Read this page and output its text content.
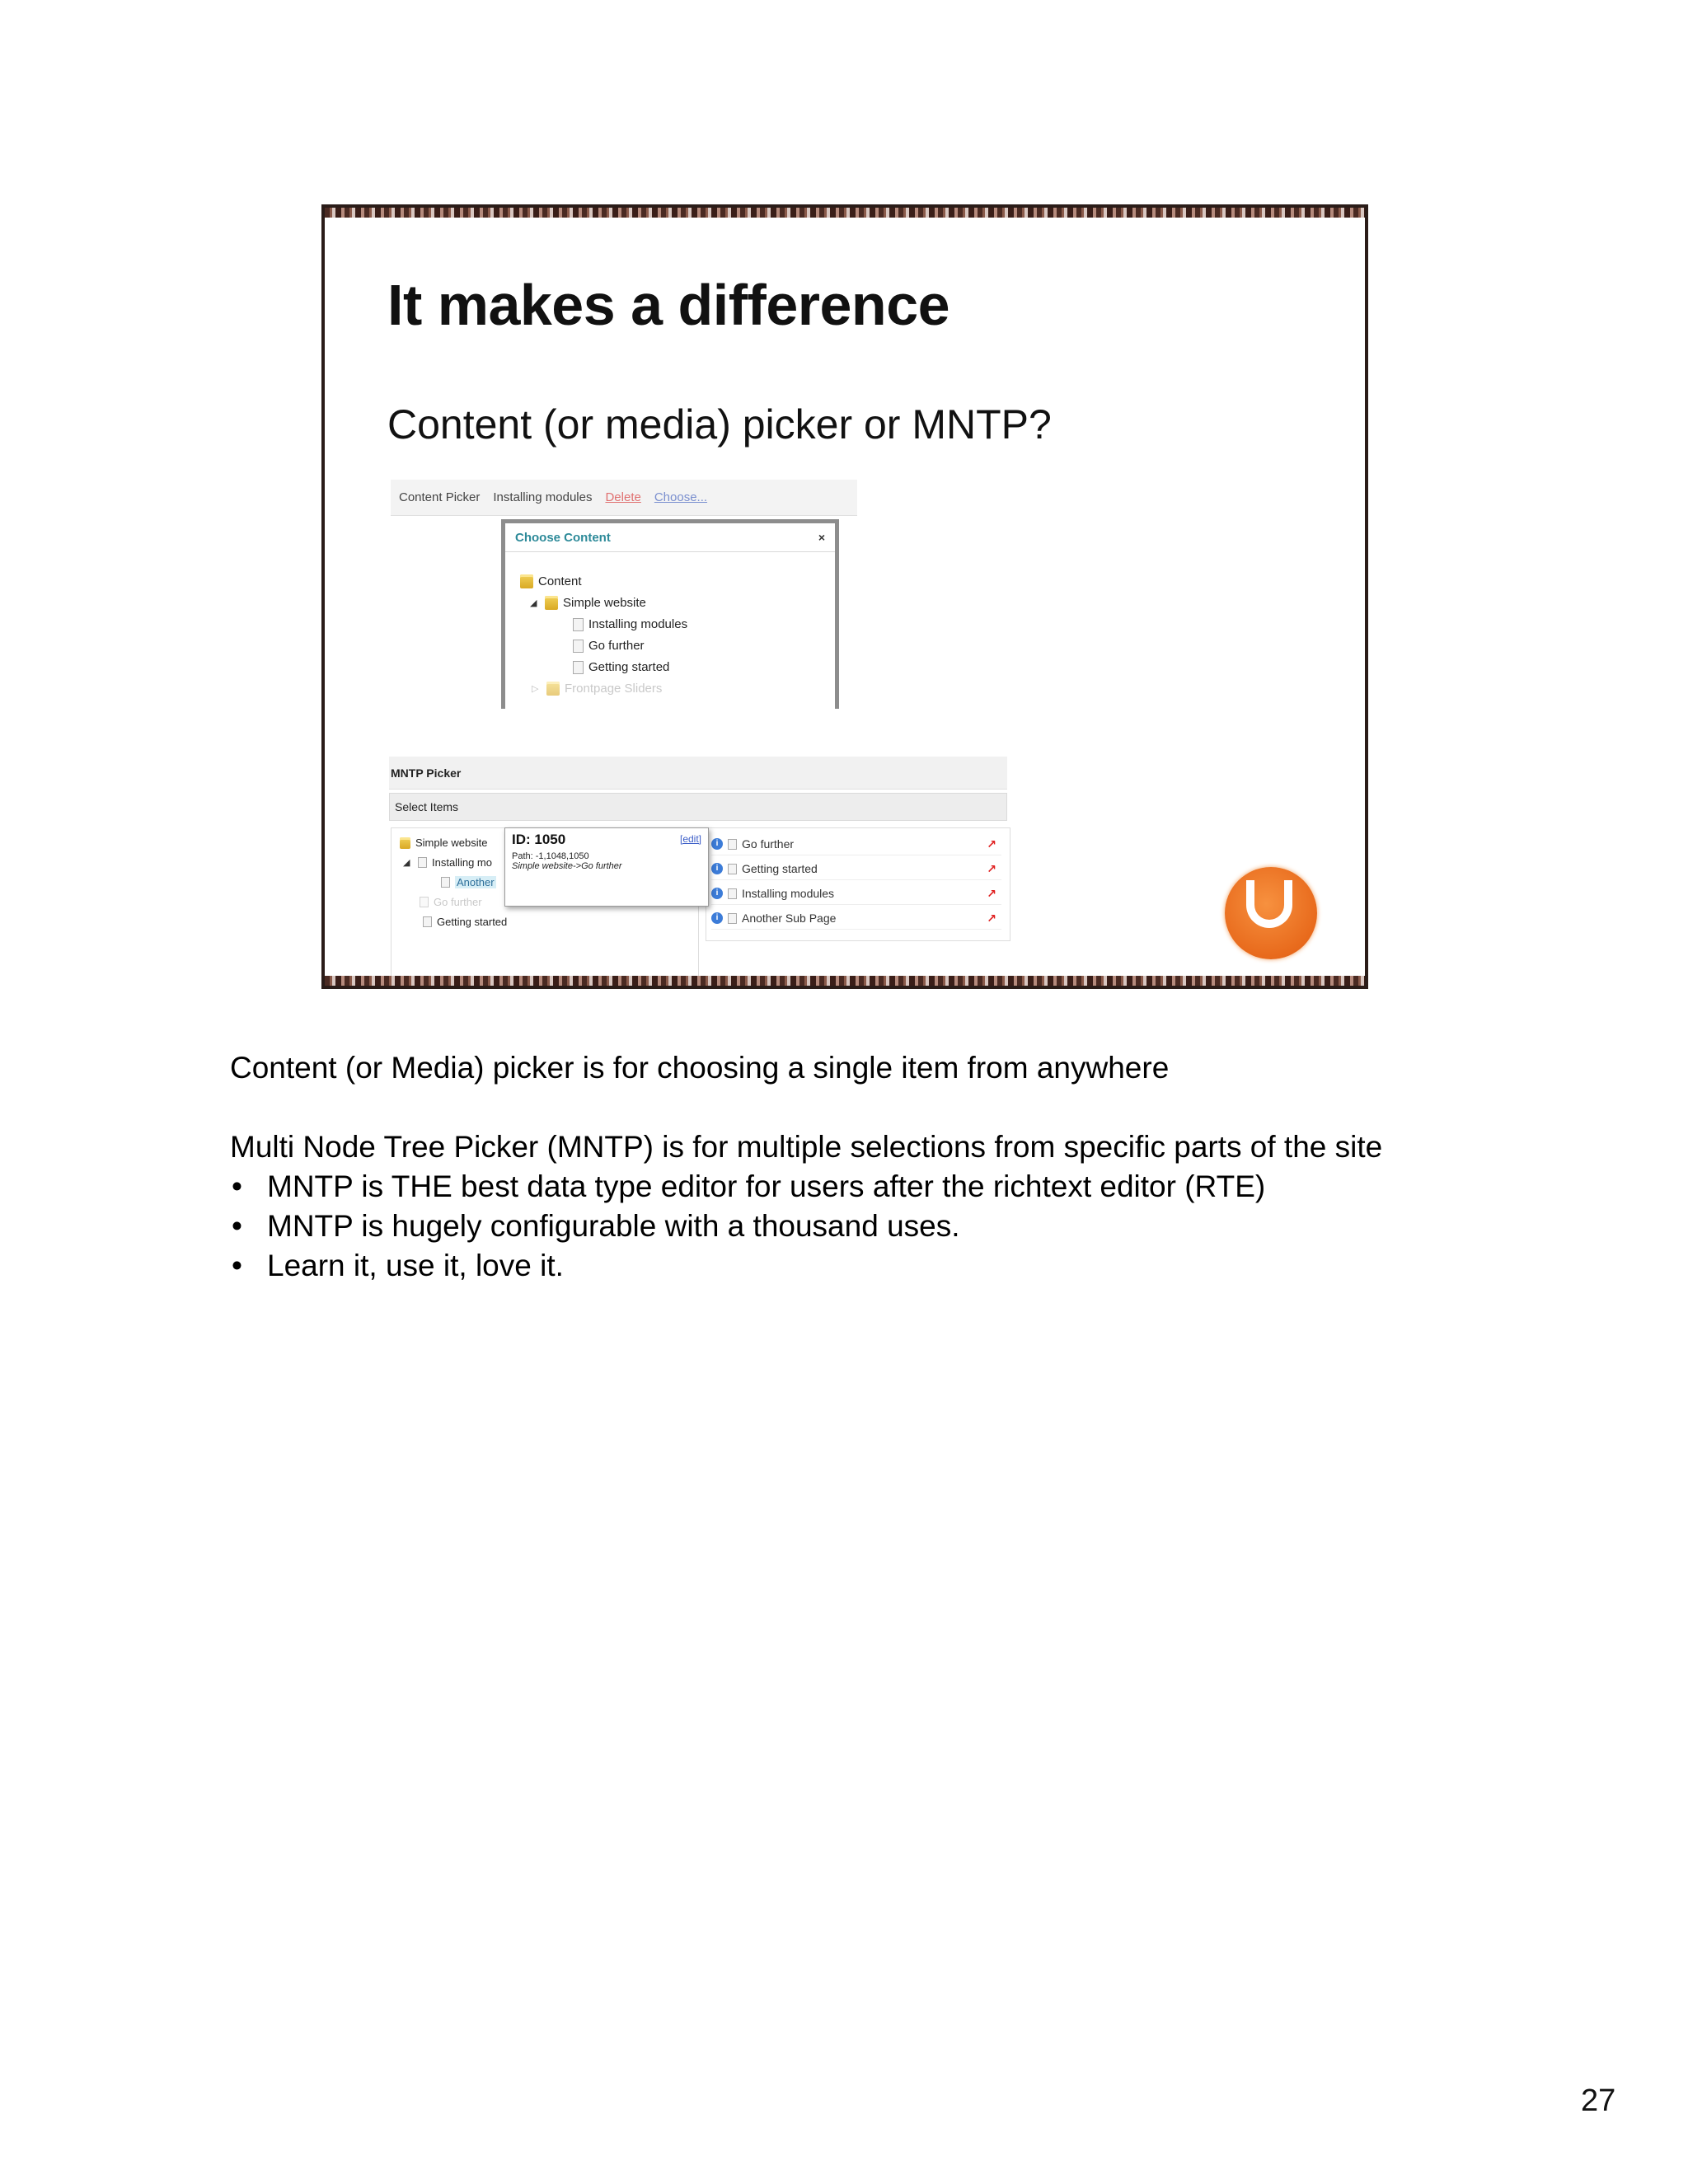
It makes a difference
Content (or media) picker or MNTP?
Content Picker Installing modules Delete Choose...
Choose Content	×
Content
◢ Simple website
Installing modules
Go further
Getting started
▷ Frontpage Sliders
MNTP Picker
Select Items
Simple website
◢ Installing mo
Another
Go further
Getting started
i	Go further	↗
i	Getting started	↗
i	Installing modules	↗
i	Another Sub Page	↗
ID: 1050	[edit]
Path: -1,1048,1050
Simple website->Go further

Content (or Media) picker is for choosing a single item from anywhere

Multi Node Tree Picker (MNTP) is for multiple selections from specific parts of the site

• MNTP is THE best data type editor for users after the richtext editor (RTE)
• MNTP is hugely configurable with a thousand uses.
• Learn it, use it, love it.
27
